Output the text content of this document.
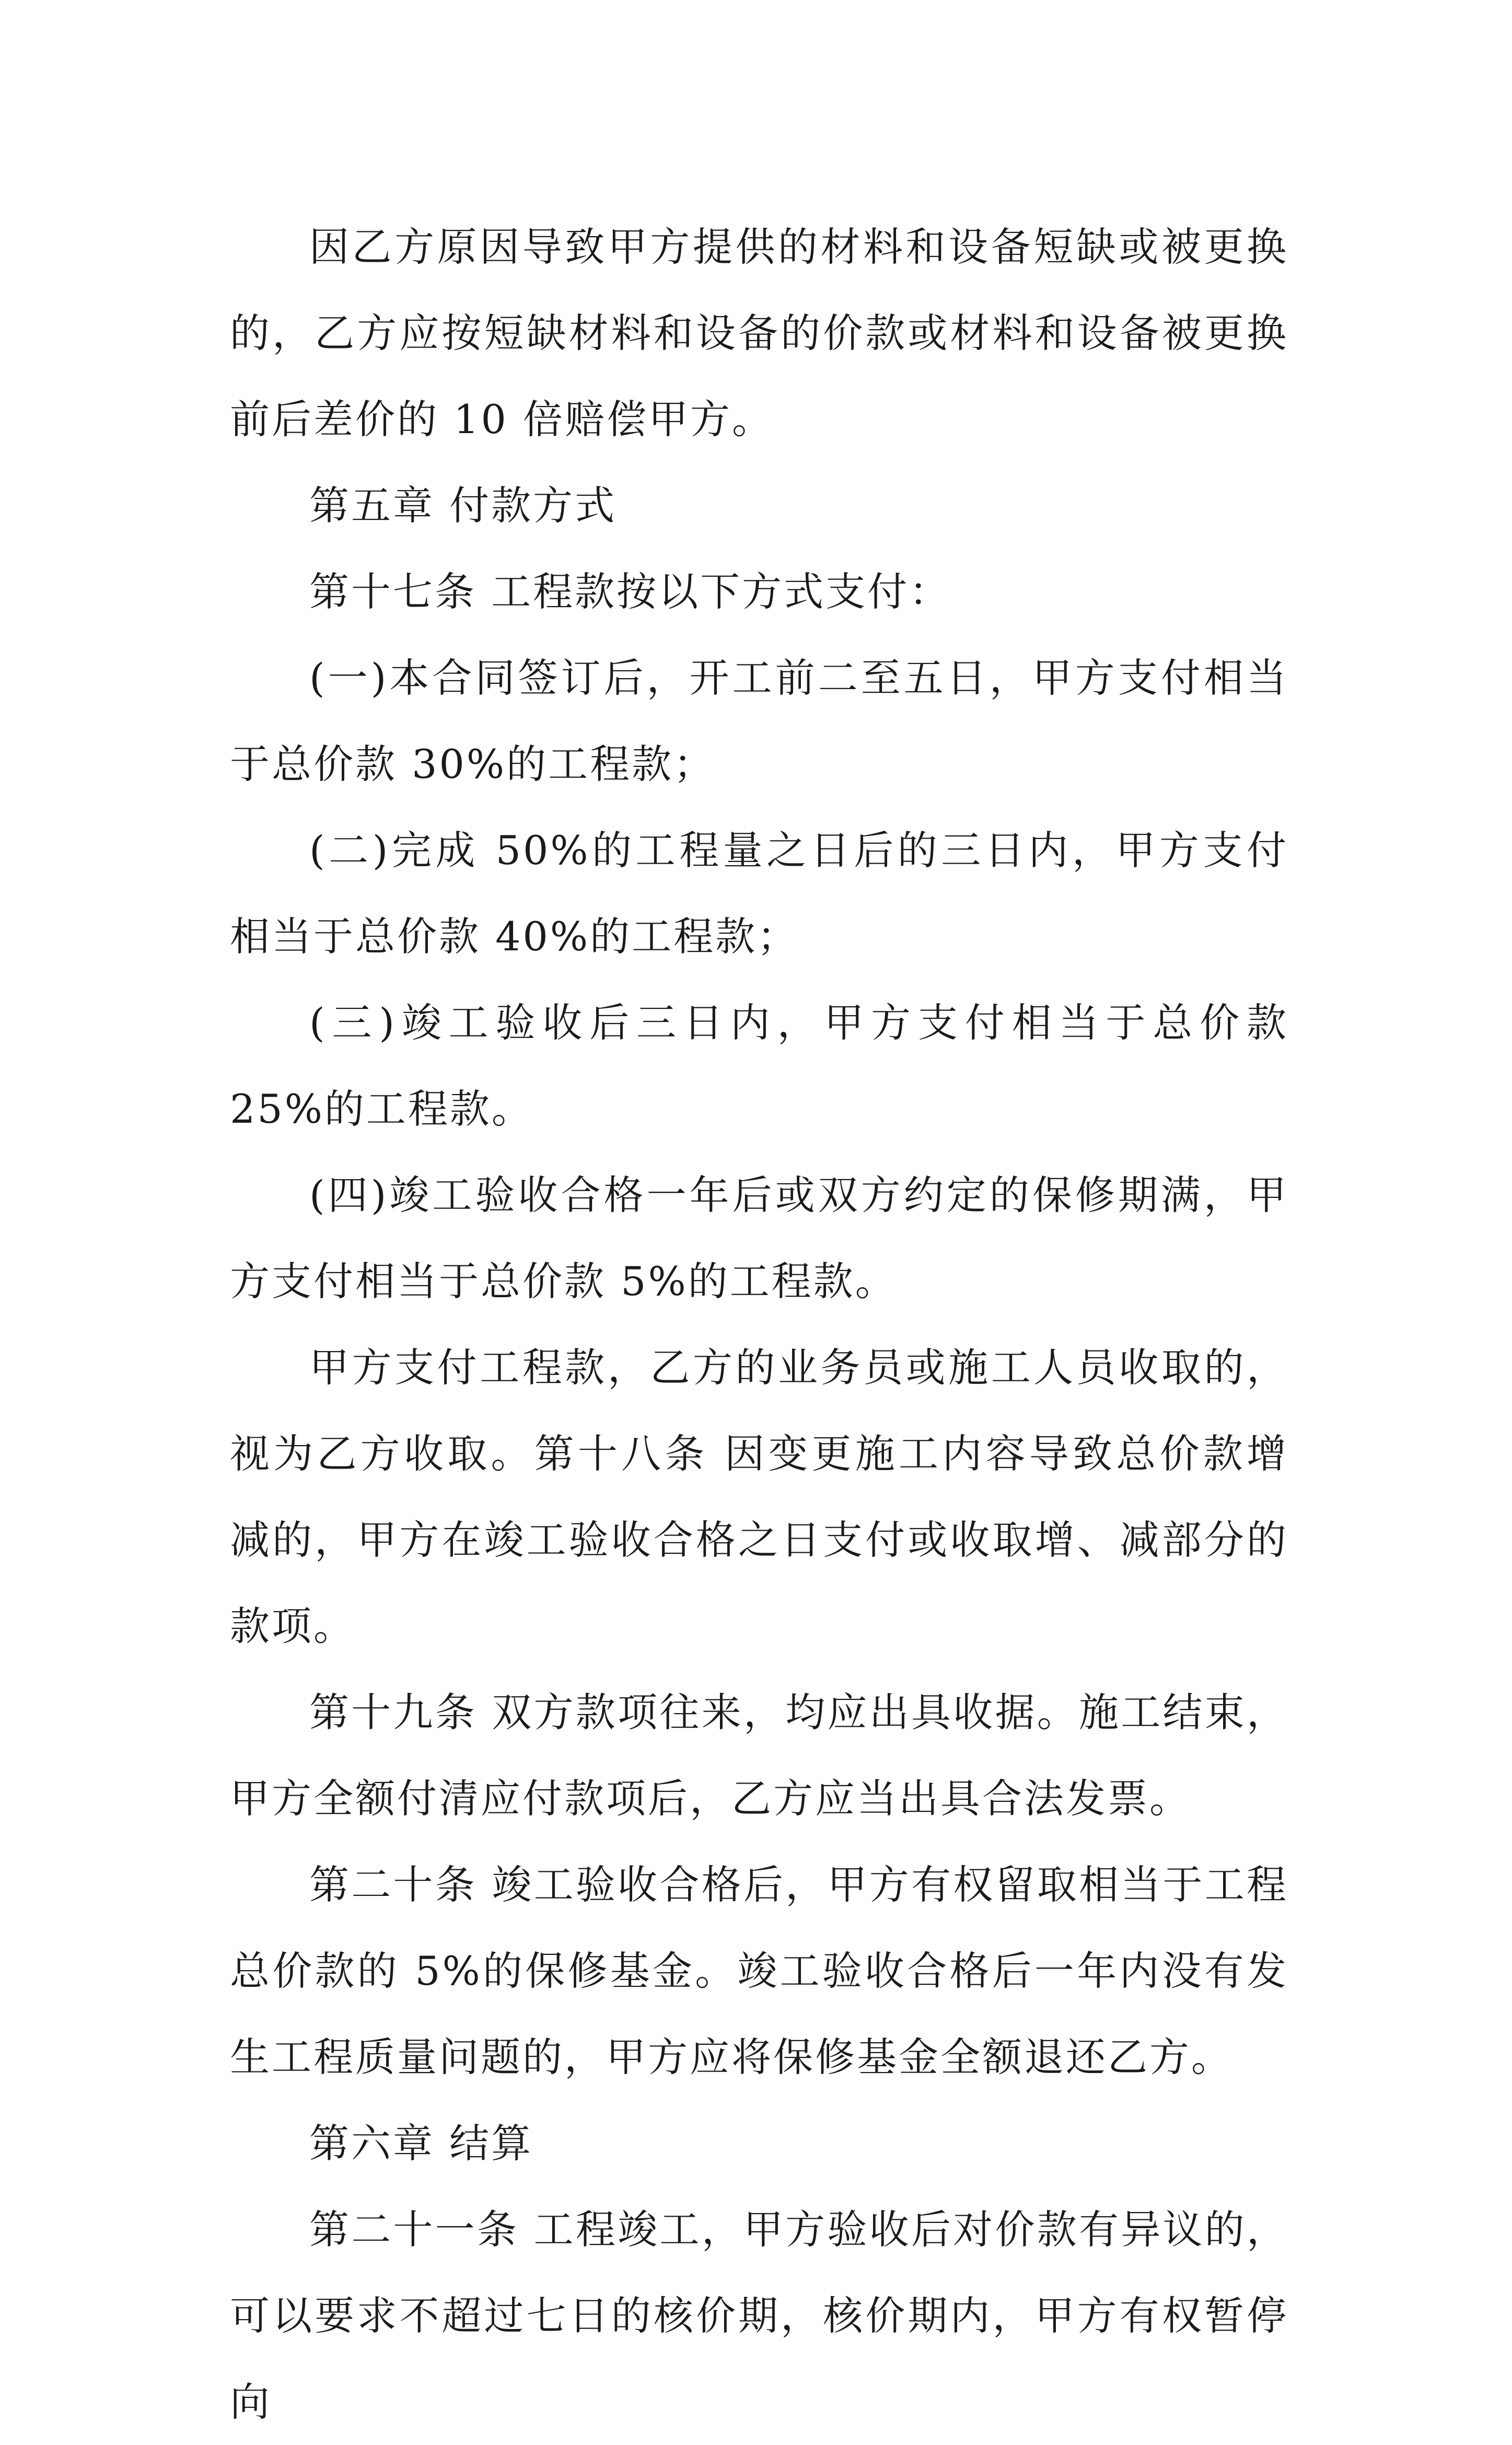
因乙方原因导致甲方提供的材料和设备短缺或被更换的，乙方应按短缺材料和设备的价款或材料和设备被更换前后差价的 10 倍赔偿甲方。

第五章 付款方式

第十七条 工程款按以下方式支付：

(一)本合同签订后，开工前二至五日，甲方支付相当于总价款 30%的工程款；

(二)完成 50%的工程量之日后的三日内，甲方支付相当于总价款 40%的工程款；

(三)竣工验收后三日内，甲方支付相当于总价款 25%的工程款。

(四)竣工验收合格一年后或双方约定的保修期满，甲方支付相当于总价款 5%的工程款。

甲方支付工程款，乙方的业务员或施工人员收取的，视为乙方收取。第十八条 因变更施工内容导致总价款增减的，甲方在竣工验收合格之日支付或收取增、减部分的款项。

第十九条 双方款项往来，均应出具收据。施工结束，甲方全额付清应付款项后，乙方应当出具合法发票。

第二十条 竣工验收合格后，甲方有权留取相当于工程总价款的 5%的保修基金。竣工验收合格后一年内没有发生工程质量问题的，甲方应将保修基金全额退还乙方。

第六章 结算

第二十一条 工程竣工，甲方验收后对价款有异议的，可以要求不超过七日的核价期，核价期内，甲方有权暂停向
